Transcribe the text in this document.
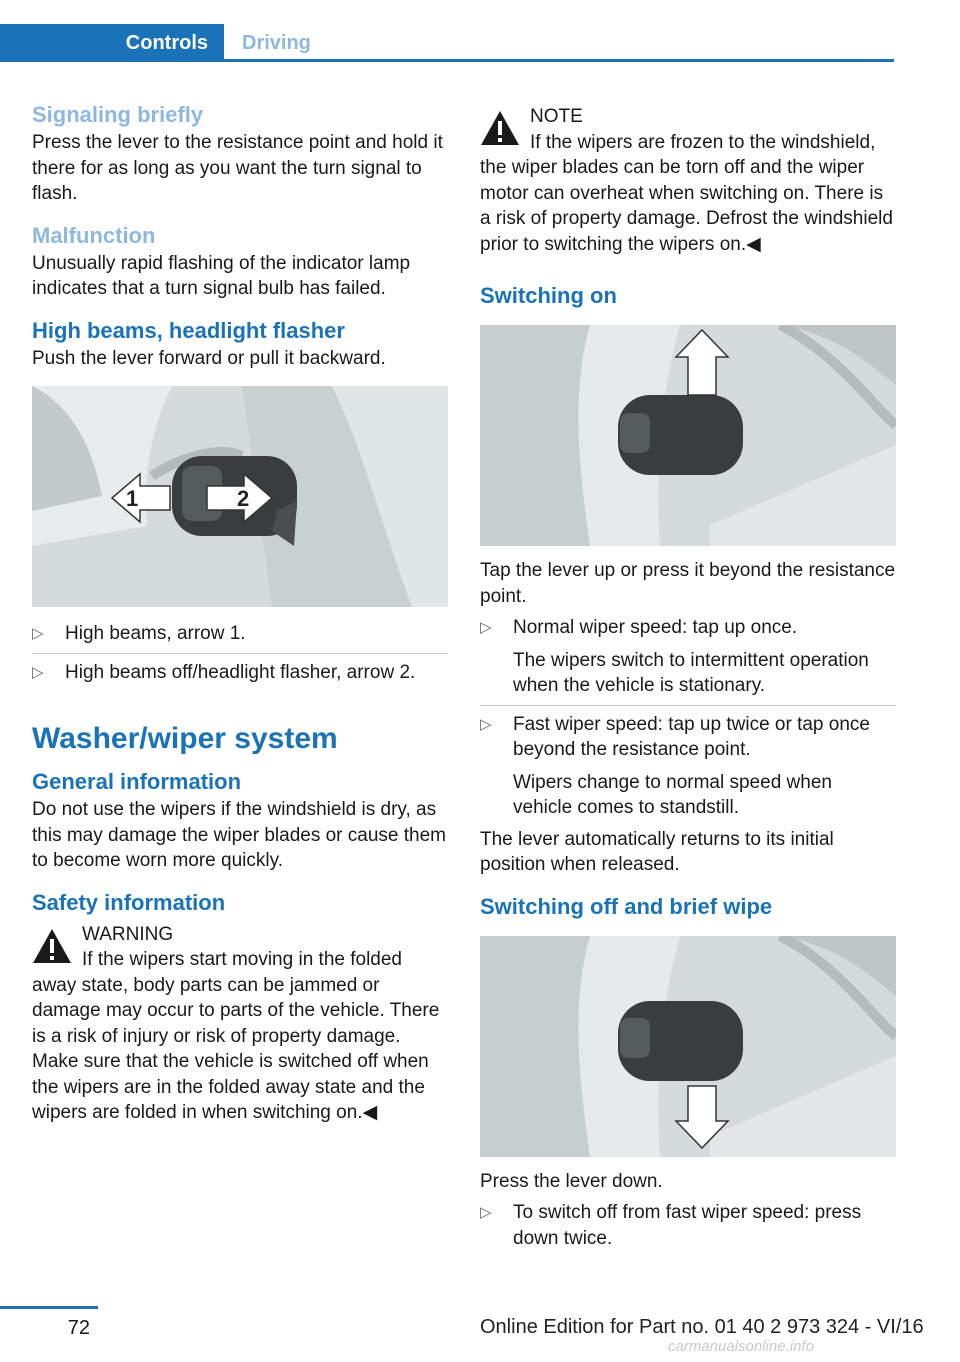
Controls	Driving
Signaling briefly

Press the lever to the resistance point and hold it there for as long as you want the turn signal to flash.

Malfunction

Unusually rapid flashing of the indicator lamp indicates that a turn signal bulb has failed.

High beams, headlight flasher

Push the lever forward or pull it backward.

1	2
▷ High beams, arrow 1.
▷ High beams off/headlight flasher, arrow 2.
Washer/wiper system
General information

Do not use the wipers if the windshield is dry, as this may damage the wiper blades or cause them to become worn more quickly.

Safety information
WARNING
If the wipers start moving in the folded

away state, body parts can be jammed or damage may occur to parts of the vehicle. There is a risk of injury or risk of property damage. Make sure that the vehicle is switched off when the wipers are in the folded away state and the wipers are folded in when switching on.◀

NOTE
If the wipers are frozen to the windshield,

the wiper blades can be torn off and the wiper motor can overheat when switching on. There is a risk of property damage. Defrost the windshield prior to switching the wipers on.◀

Switching on

Tap the lever up or press it beyond the resistance point.

▷ Normal wiper speed: tap up once.
The wipers switch to intermittent operation when the vehicle is stationary.
▷ Fast wiper speed: tap up twice or tap once beyond the resistance point.
Wipers change to normal speed when vehicle comes to standstill.

The lever automatically returns to its initial position when released.

Switching off and brief wipe

Press the lever down.

▷ To switch off from fast wiper speed: press down twice.
72	Online Edition for Part no. 01 40 2 973 324 - VI/16
carmanualsonline.info
